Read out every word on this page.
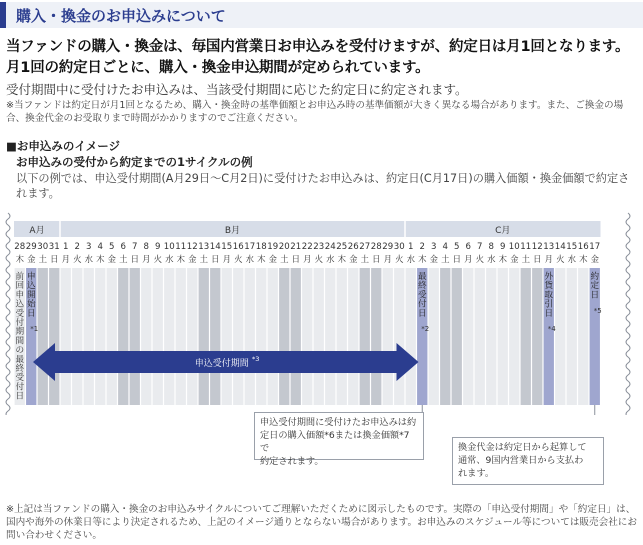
購入・換金のお申込みについて
当ファンドの購入・換金は、毎国内営業日お申込みを受付けますが、約定日は月1回となります。
月1回の約定日ごとに、購入・換金申込期間が定められています。
受付期間中に受付けたお申込みは、当該受付期間に応じた約定日に約定されます。
※当ファンドは約定日が月1回となるため、購入・換金時の基準価額とお申込み時の基準価額が大きく異なる場合があります。また、ご換金の場合、換金代金のお受取りまで時間がかかりますのでご注意ください。
■お申込みのイメージ
お申込みの受付から約定までの1サイクルの例
以下の例では、申込受付期間(A月29日～C月2日)に受付けたお申込みは、約定日(C月17日)の購入価額・換金価額で約定されます。
A月	B月	C月
28
木
29
金
30
土
31
日
1
月
2
火
3
水
4
木
5
金
6
土
7
日
8
月
9
火
10
水
11
木
12
金
13
土
14
日
15
月
16
火
17
水
18
木
19
金
20
土
21
日
22
月
23
火
24
水
25
木
26
金
27
土
28
日
29
月
30
火
1
水
2
木
3
金
4
土
5
日
6
月
7
火
8
水
9
木
10
金
11
土
12
日
13
月
14
火
15
水
16
木
17
金
前
回
申
込
受
付
期
間
の
最
終
受
付
日
申
込
開
始
日
*1
最
終
受
付
日
*2
外
貨
取
引
日
*4
約
定
日
*5
申込受付期間 *3
申込受付期間に受付けたお申込みは約
定日の購入価額*6または換金価額*7で
約定されます。
換金代金は約定日から起算して
通常、9国内営業日から支払わ
れます。
※上記は当ファンドの購入・換金のお申込みサイクルについてご理解いただくために図示したものです。実際の「申込受付期間」や「約定日」は、国内や海外の休業日等により決定されるため、上記のイメージ通りとならない場合があります。お申込みのスケジュール等については販売会社にお問い合わせください。
